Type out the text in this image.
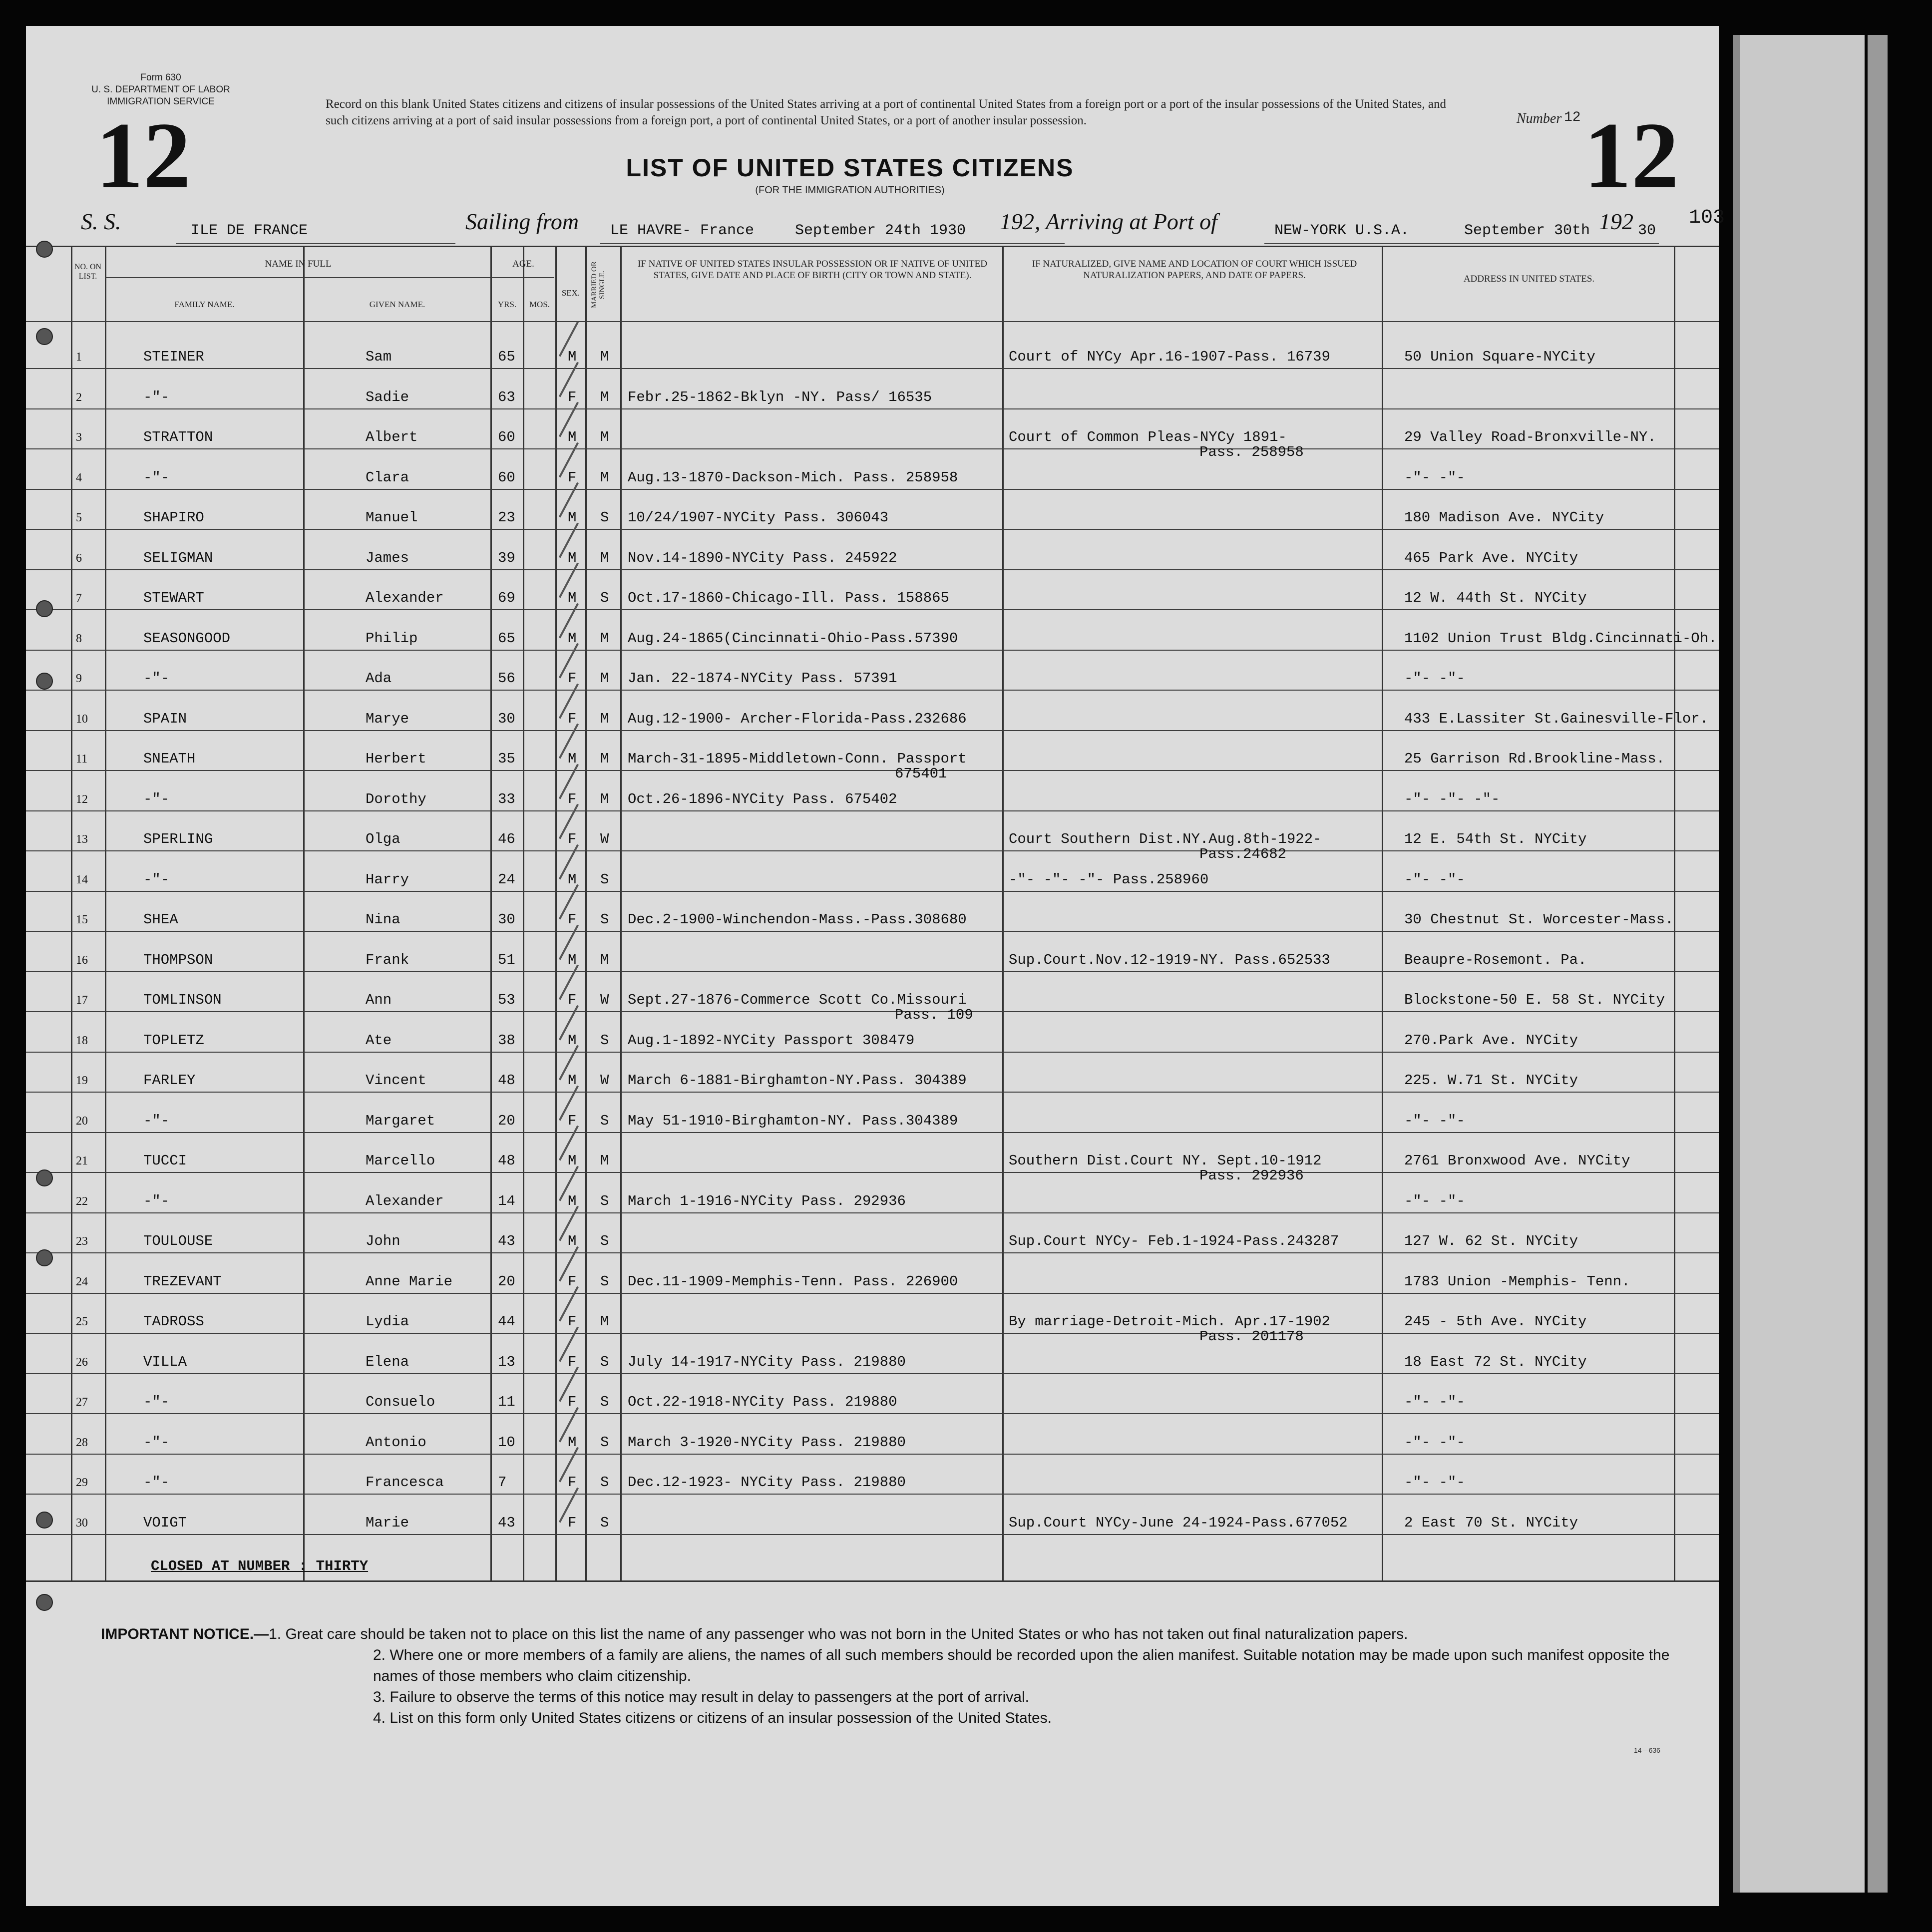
Form 630
U. S. DEPARTMENT OF LABOR
IMMIGRATION SERVICE
12	12
Record on this blank United States citizens and citizens of insular possessions of the United States arriving at a port of continental United States from a foreign port or a port of the insular possessions of the United States, and such citizens arriving at a port of said insular possessions from a foreign port, a port of continental United States, or a port of another insular possession.
LIST OF UNITED STATES CITIZENS
(FOR THE IMMIGRATION AUTHORITIES)
Number 12
S. S.	ILE DE FRANCE	Sailing from LE HAVRE- France	September 24th 1930 192 , Arriving at Port of	NEW-YORK U.S.A.	September 30th 192 30
103
NO. ON LIST.
NAME IN FULL
FAMILY NAME.	GIVEN NAME.
AGE.
YRS.	MOS.
SEX.	MARRIED OR SINGLE.
IF NATIVE OF UNITED STATES INSULAR POSSESSION OR IF NATIVE OF UNITED STATES, GIVE DATE AND PLACE OF BIRTH (CITY OR TOWN AND STATE).
IF NATURALIZED, GIVE NAME AND LOCATION OF COURT WHICH ISSUED NATURALIZATION PAPERS, AND DATE OF PAPERS.	ADDRESS IN UNITED STATES.
1	STEINER	Sam	65	M M	Court of NYCy Apr.16-1907-Pass. 16739	50 Union Square-NYCity
2	-"-	Sadie	63	F M Febr.25-1862-Bklyn -NY. Pass/ 16535
3	STRATTON	Albert	60	M M	Court of Common Pleas-NYCy 1891-	29 Valley Road-Bronxville-NY.
Pass. 258958
4	-"-	Clara	60	F M Aug.13-1870-Dackson-Mich. Pass. 258958	-"- -"-
5	SHAPIRO	Manuel	23	M S 10/24/1907-NYCity Pass. 306043	180 Madison Ave. NYCity
6	SELIGMAN	James	39	M M Nov.14-1890-NYCity Pass. 245922	465 Park Ave. NYCity
7	STEWART	Alexander	69	M S Oct.17-1860-Chicago-Ill. Pass. 158865	12 W. 44th St. NYCity
8	SEASONGOOD	Philip	65	M M Aug.24-1865(Cincinnati-Ohio-Pass.57390	1102 Union Trust Bldg.Cincinnati-Oh.
9	-"-	Ada	56	F M Jan. 22-1874-NYCity Pass. 57391	-"- -"-
10	SPAIN	Marye	30	F M Aug.12-1900- Archer-Florida-Pass.232686	433 E.Lassiter St.Gainesville-Flor.
11	SNEATH	Herbert	35	M M March-31-1895-Middletown-Conn. Passport	25 Garrison Rd.Brookline-Mass.
675401
12	-"-	Dorothy	33	F M Oct.26-1896-NYCity Pass. 675402	-"- -"- -"-
13	SPERLING	Olga	46	F W	Court Southern Dist.NY.Aug.8th-1922-	12 E. 54th St. NYCity
Pass.24682
14	-"-	Harry	24	M S	-"- -"- -"- Pass.258960	-"- -"-
15	SHEA	Nina	30	F S Dec.2-1900-Winchendon-Mass.-Pass.308680	30 Chestnut St. Worcester-Mass.
16	THOMPSON	Frank	51	M M	Sup.Court.Nov.12-1919-NY. Pass.652533	Beaupre-Rosemont. Pa.
17	TOMLINSON	Ann	53	F W Sept.27-1876-Commerce Scott Co.Missouri	Blockstone-50 E. 58 St. NYCity
Pass. 109
18	TOPLETZ	Ate	38	M S Aug.1-1892-NYCity Passport 308479	270.Park Ave. NYCity
19	FARLEY	Vincent	48	M W March 6-1881-Birghamton-NY.Pass. 304389	225. W.71 St. NYCity
20	-"-	Margaret	20	F S May 51-1910-Birghamton-NY. Pass.304389	-"- -"-
21	TUCCI	Marcello	48	M M	Southern Dist.Court NY. Sept.10-1912	2761 Bronxwood Ave. NYCity
Pass. 292936
22	-"-	Alexander	14	M S March 1-1916-NYCity Pass. 292936	-"- -"-
23	TOULOUSE	John	43	M S	Sup.Court NYCy- Feb.1-1924-Pass.243287	127 W. 62 St. NYCity
24	TREZEVANT	Anne Marie	20	F S Dec.11-1909-Memphis-Tenn. Pass. 226900	1783 Union -Memphis- Tenn.
25	TADROSS	Lydia	44	F M	By marriage-Detroit-Mich. Apr.17-1902	245 - 5th Ave. NYCity
Pass. 201178
26	VILLA	Elena	13	F S July 14-1917-NYCity Pass. 219880	18 East 72 St. NYCity
27	-"-	Consuelo	11	F S Oct.22-1918-NYCity Pass. 219880	-"- -"-
28	-"-	Antonio	10	M S March 3-1920-NYCity Pass. 219880	-"- -"-
29	-"-	Francesca	7	F S Dec.12-1923- NYCity Pass. 219880	-"- -"-
30	VOIGT	Marie	43	F S	Sup.Court NYCy-June 24-1924-Pass.677052	2 East 70 St. NYCity
CLOSED AT NUMBER : THIRTY
IMPORTANT NOTICE.—1. Great care should be taken not to place on this list the name of any passenger who was not born in the United States or who has not taken out final naturalization papers.
2. Where one or more members of a family are aliens, the names of all such members should be recorded upon the alien manifest. Suitable notation may be made upon such manifest opposite the names of those members who claim citizenship.
3. Failure to observe the terms of this notice may result in delay to passengers at the port of arrival.
4. List on this form only United States citizens or citizens of an insular possession of the United States.
14—636
